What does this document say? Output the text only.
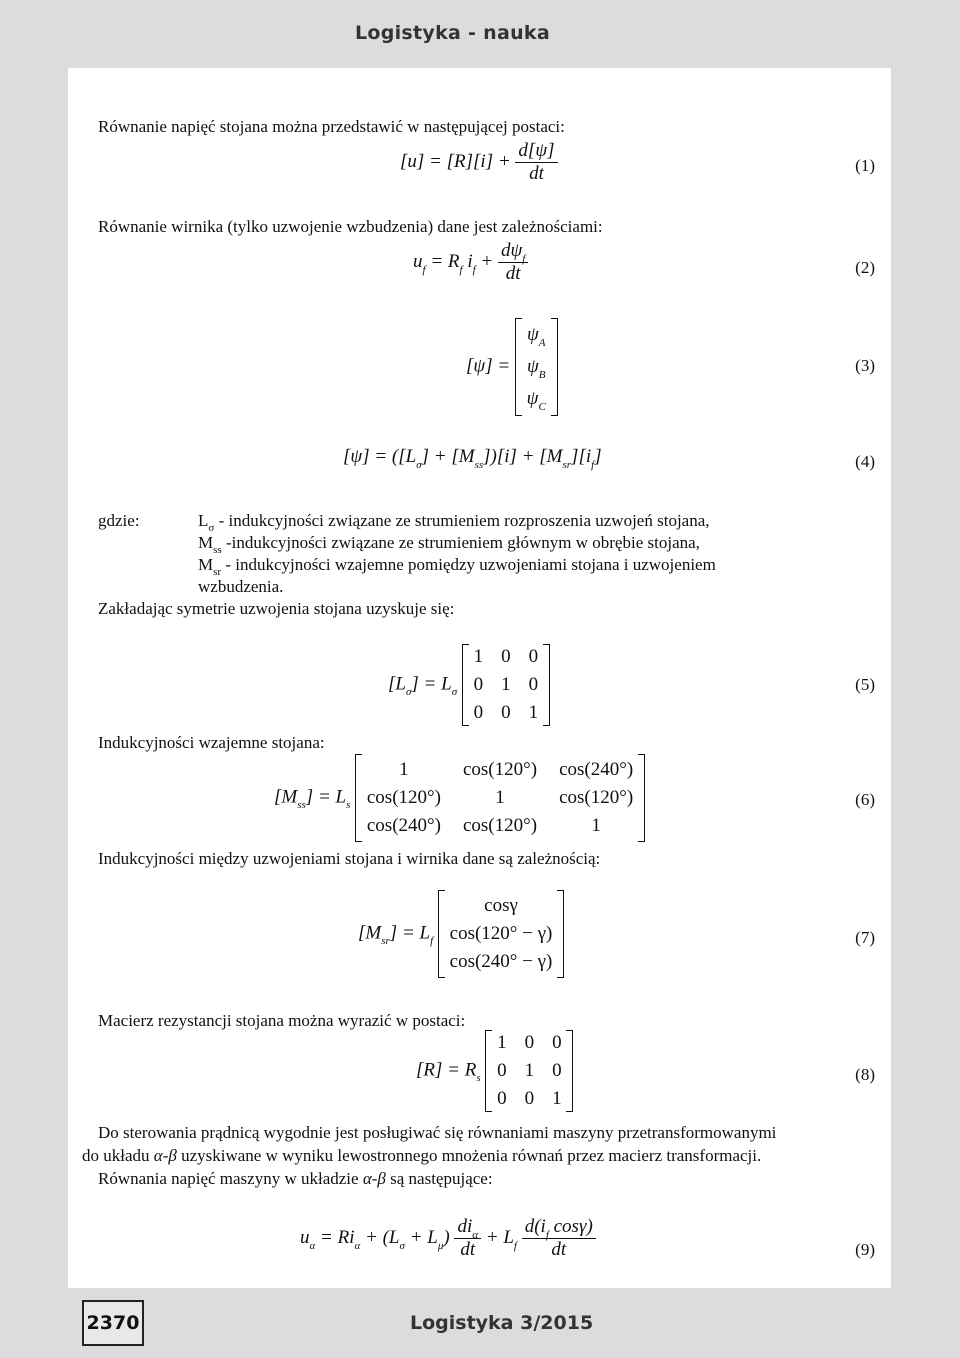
Logistyka - nauka
Równanie napięć stojana można przedstawić w następującej postaci:
$[u] = [R][i] + \frac{d[\psi]}{dt}$	(1)
Równanie wirnika (tylko uzwojenie wzbudzenia) dane jest zależnościami:
$u_f = R_f$ $i_f + \frac{d\psi_f}{dt}$	(2)
[ψ] =
$\psi_A$
$\psi_B$
$\psi_C$

(3)
$[\psi] = ([L_\sigma] + [M_{ss}])[i] + [M_{sr}][i_f]$	(4)
gdzie:	$L_\sigma$ - indukcyjności związane ze strumieniem rozproszenia uzwojeń stojana,
$M_{ss}$ -indukcyjności związane ze strumieniem głównym w obrębie stojana,
$M_{sr}$ - indukcyjności wzajemne pomiędzy uzwojeniami stojana i uzwojeniem
wzbudzenia.
Zakładając symetrie uzwojenia stojana uzyskuje się:
$[L_\sigma] = L_\sigma$
1 0 0
0 1 0
0 0 1

(5)
Indukcyjności wzajemne stojana:
$[M_{ss}] = L_s$
1	cos(120°) cos(240°)
cos(120°)	1	cos(120°)
cos(240°) cos(120°)	1

(6)
Indukcyjności między uzwojeniami stojana i wirnika dane są zależnością:
$[M_{sr}] = L_f$
cosγ
cos(120° − γ)
cos(240° − γ)

(7)
Macierz rezystancji stojana można wyrazić w postaci:
$[R] = R_s$
1 0 0
0 1 0
0 0 1

(8)
Do sterowania prądnicą wygodnie jest posługiwać się równaniami maszyny przetransformowanymi
do układu α-β uzyskiwane w wyniku lewostronnego mnożenia równań przez macierz transformacji.
Równania napięć maszyny w układzie α-β są następujące:
$u_\alpha = Ri_\alpha + (L_\sigma + L_\mu) \frac{di_\alpha}{dt} + L_f \frac{d(i_f \cos\gamma)}{dt}$	(9)
2370	Logistyka 3/2015
